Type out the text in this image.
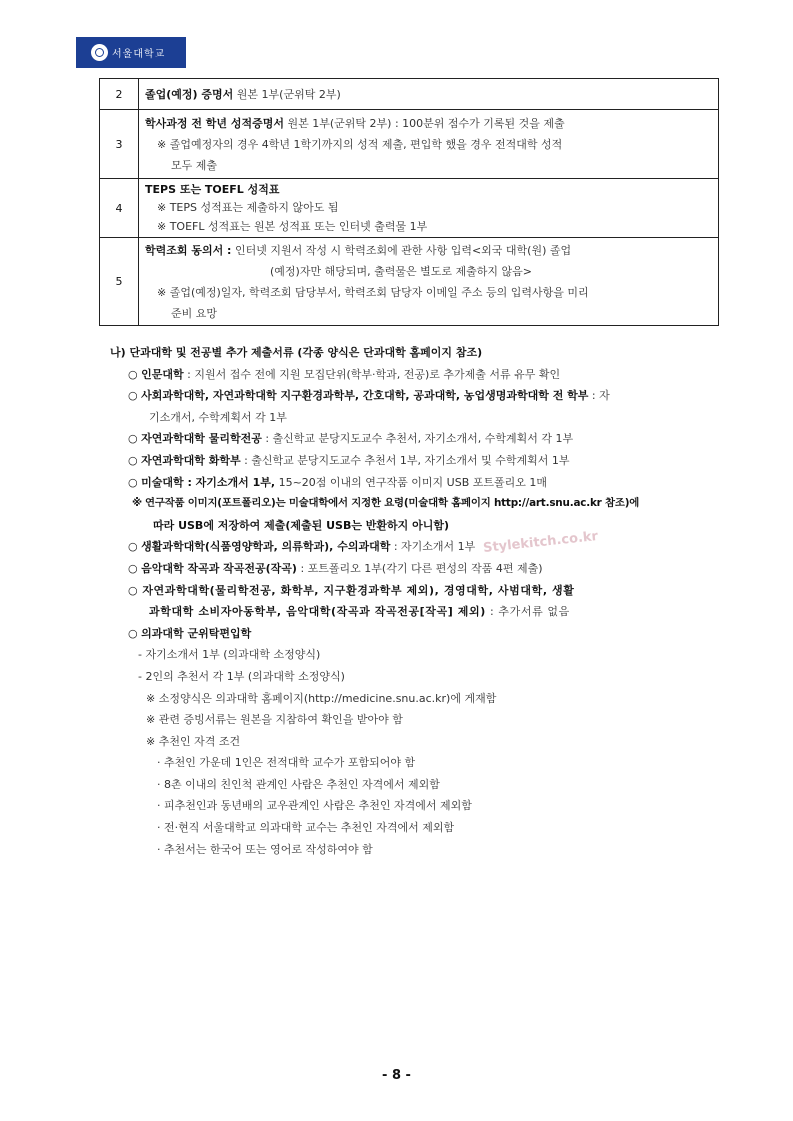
서울대학교
2	졸업(예정) 증명서 원본 1부(군위탁 2부)

3	학사과정 전 학년 성적증명서 원본 1부(군위탁 2부) : 100분위 점수가 기록된 것을 제출
※ 졸업예정자의 경우 4학년 1학기까지의 성적 제출, 편입학 했을 경우 전적대학 성적
모두 제출

4	TEPS 또는 TOEFL 성적표
※ TEPS 성적표는 제출하지 않아도 됨
※ TOEFL 성적표는 원본 성적표 또는 인터넷 출력물 1부

5	학력조회 동의서 : 인터넷 지원서 작성 시 학력조회에 관한 사항 입력<외국 대학(원) 졸업
(예정)자만 해당되며, 출력물은 별도로 제출하지 않음>
※ 졸업(예정)일자, 학력조회 담당부서, 학력조회 담당자 이메일 주소 등의 입력사항을 미리
준비 요망
나) 단과대학 및 전공별 추가 제출서류 (각종 양식은 단과대학 홈페이지 참조)
○ 인문대학 : 지원서 접수 전에 지원 모집단위(학부·학과, 전공)로 추가제출 서류 유무 확인
○ 사회과학대학, 자연과학대학 지구환경과학부, 간호대학, 공과대학, 농업생명과학대학 전 학부 : 자
기소개서, 수학계획서 각 1부
○ 자연과학대학 물리학전공 : 출신학교 분당지도교수 추천서, 자기소개서, 수학계획서 각 1부
○ 자연과학대학 화학부 : 출신학교 분당지도교수 추천서 1부, 자기소개서 및 수학계획서 1부
○ 미술대학 : 자기소개서 1부, 15~20점 이내의 연구작품 이미지 USB 포트폴리오 1매
※ 연구작품 이미지(포트폴리오)는 미술대학에서 지정한 요령(미술대학 홈페이지 http://art.snu.ac.kr 참조)에
따라 USB에 저장하여 제출(제출된 USB는 반환하지 아니함)
○ 생활과학대학(식품영양학과, 의류학과), 수의과대학 : 자기소개서 1부
○ 음악대학 작곡과 작곡전공(작곡) : 포트폴리오 1부(각기 다른 편성의 작품 4편 제출)
○ 자연과학대학(물리학전공, 화학부, 지구환경과학부 제외), 경영대학, 사범대학, 생활
과학대학 소비자아동학부, 음악대학(작곡과 작곡전공[작곡] 제외) : 추가서류 없음
○ 의과대학 군위탁편입학
- 자기소개서 1부 (의과대학 소정양식)
- 2인의 추천서 각 1부 (의과대학 소정양식)
※ 소정양식은 의과대학 홈페이지(http://medicine.snu.ac.kr)에 게재함
※ 관련 증빙서류는 원본을 지참하여 확인을 받아야 함
※ 추천인 자격 조건
· 추천인 가운데 1인은 전적대학 교수가 포함되어야 함
· 8촌 이내의 친인척 관계인 사람은 추천인 자격에서 제외함
· 피추천인과 동년배의 교우관계인 사람은 추천인 자격에서 제외함
· 전·현직 서울대학교 의과대학 교수는 추천인 자격에서 제외함
· 추천서는 한국어 또는 영어로 작성하여야 함
Stylekitch.co.kr
- 8 -
